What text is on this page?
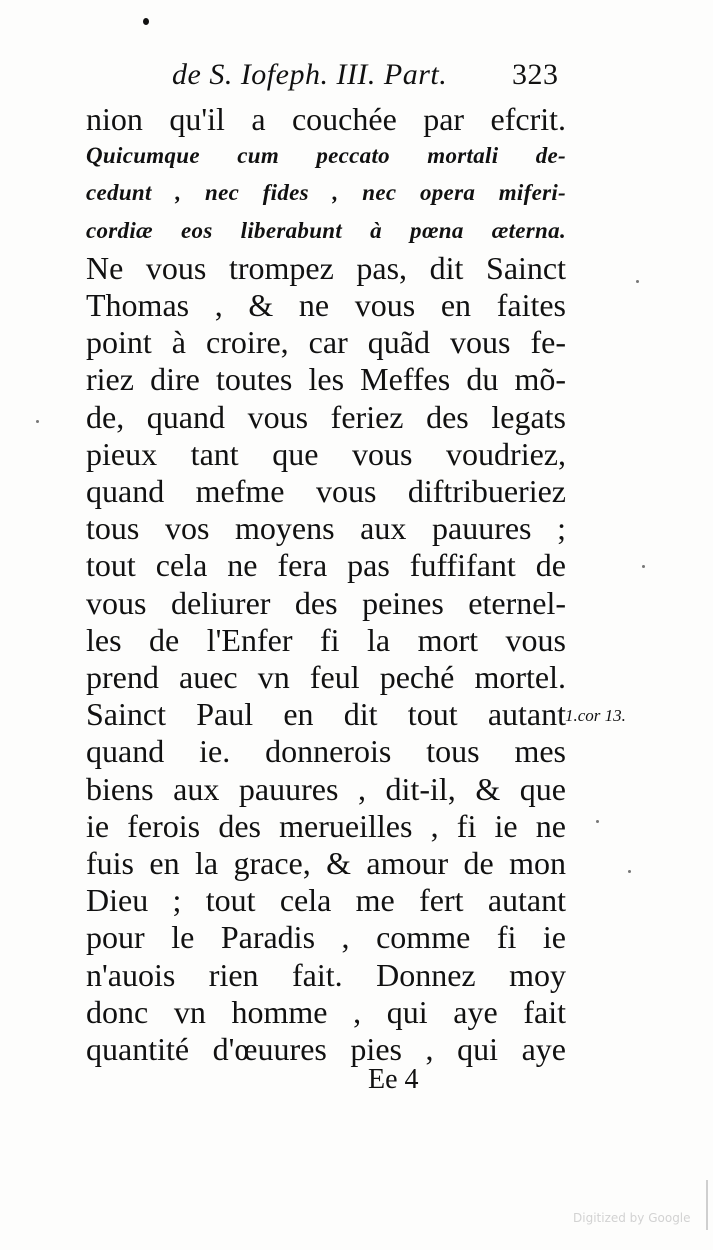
de S. Iofeph. III. Part. 323
nion qu'il a couchée par efcrit.
Quicumque cum peccato mortali de-
cedunt , nec fides , nec opera miferi-
cordiæ eos liberabunt à pœna æterna.
Ne vous trompez pas, dit Sainct
Thomas , & ne vous en faites
point à croire, car quãd vous fe-
riez dire toutes les Meffes du mõ-
de, quand vous feriez des legats
pieux tant que vous voudriez,
quand mefme vous diftribueriez
tous vos moyens aux pauures ;
tout cela ne fera pas fuffifant de
vous deliurer des peines eternel-
les de l'Enfer fi la mort vous
prend auec vn feul peché mortel.
Sainct Paul en dit tout autant
quand ie. donnerois tous mes
biens aux pauures , dit-il, & que
ie ferois des merueilles , fi ie ne
fuis en la grace, & amour de mon
Dieu ; tout cela me fert autant
pour le Paradis , comme fi ie
n'auois rien fait. Donnez moy
donc vn homme , qui aye fait
quantité d'œuures pies , qui aye
1.cor 13.
Ee 4
Digitized by Google
